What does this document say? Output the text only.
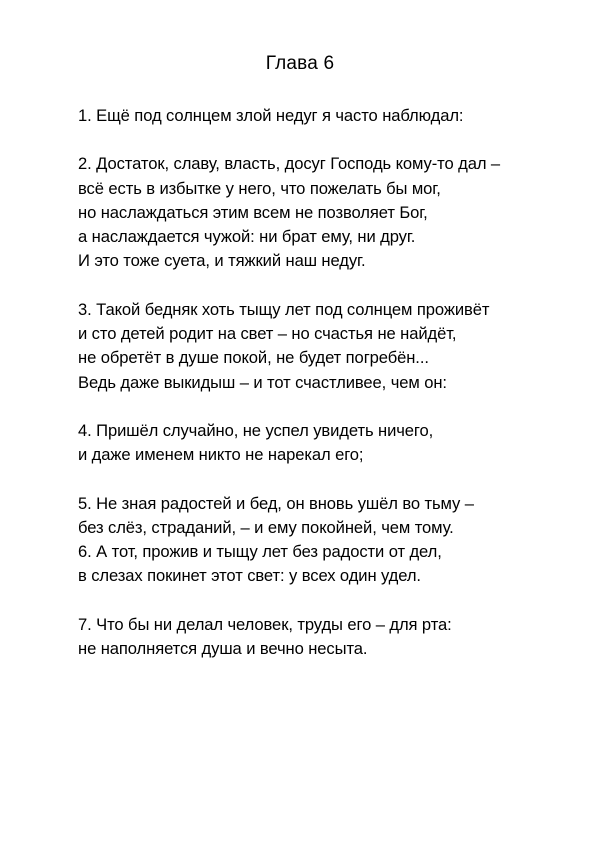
Глава 6
1. Ещё под солнцем злой недуг я часто наблюдал:
2. Достаток, славу, власть, досуг Господь кому-то дал –
всё есть в избытке у него, что пожелать бы мог,
но наслаждаться этим всем не позволяет Бог,
а наслаждается чужой: ни брат ему, ни друг.
И это тоже суета, и тяжкий наш недуг.
3. Такой бедняк хоть тыщу лет под солнцем проживёт
и сто детей родит на свет – но счастья не найдёт,
не обретёт в душе покой, не будет погребён...
Ведь даже выкидыш – и тот счастливее, чем он:
4. Пришёл случайно, не успел увидеть ничего,
и даже именем никто не нарекал его;
5. Не зная радостей и бед, он вновь ушёл во тьму –
без слёз, страданий, – и ему покойней, чем тому.
6. А тот, прожив и тыщу лет без радости от дел,
в слезах покинет этот свет: у всех один удел.
7. Что бы ни делал человек, труды его – для рта:
не наполняется душа и вечно несыта.
